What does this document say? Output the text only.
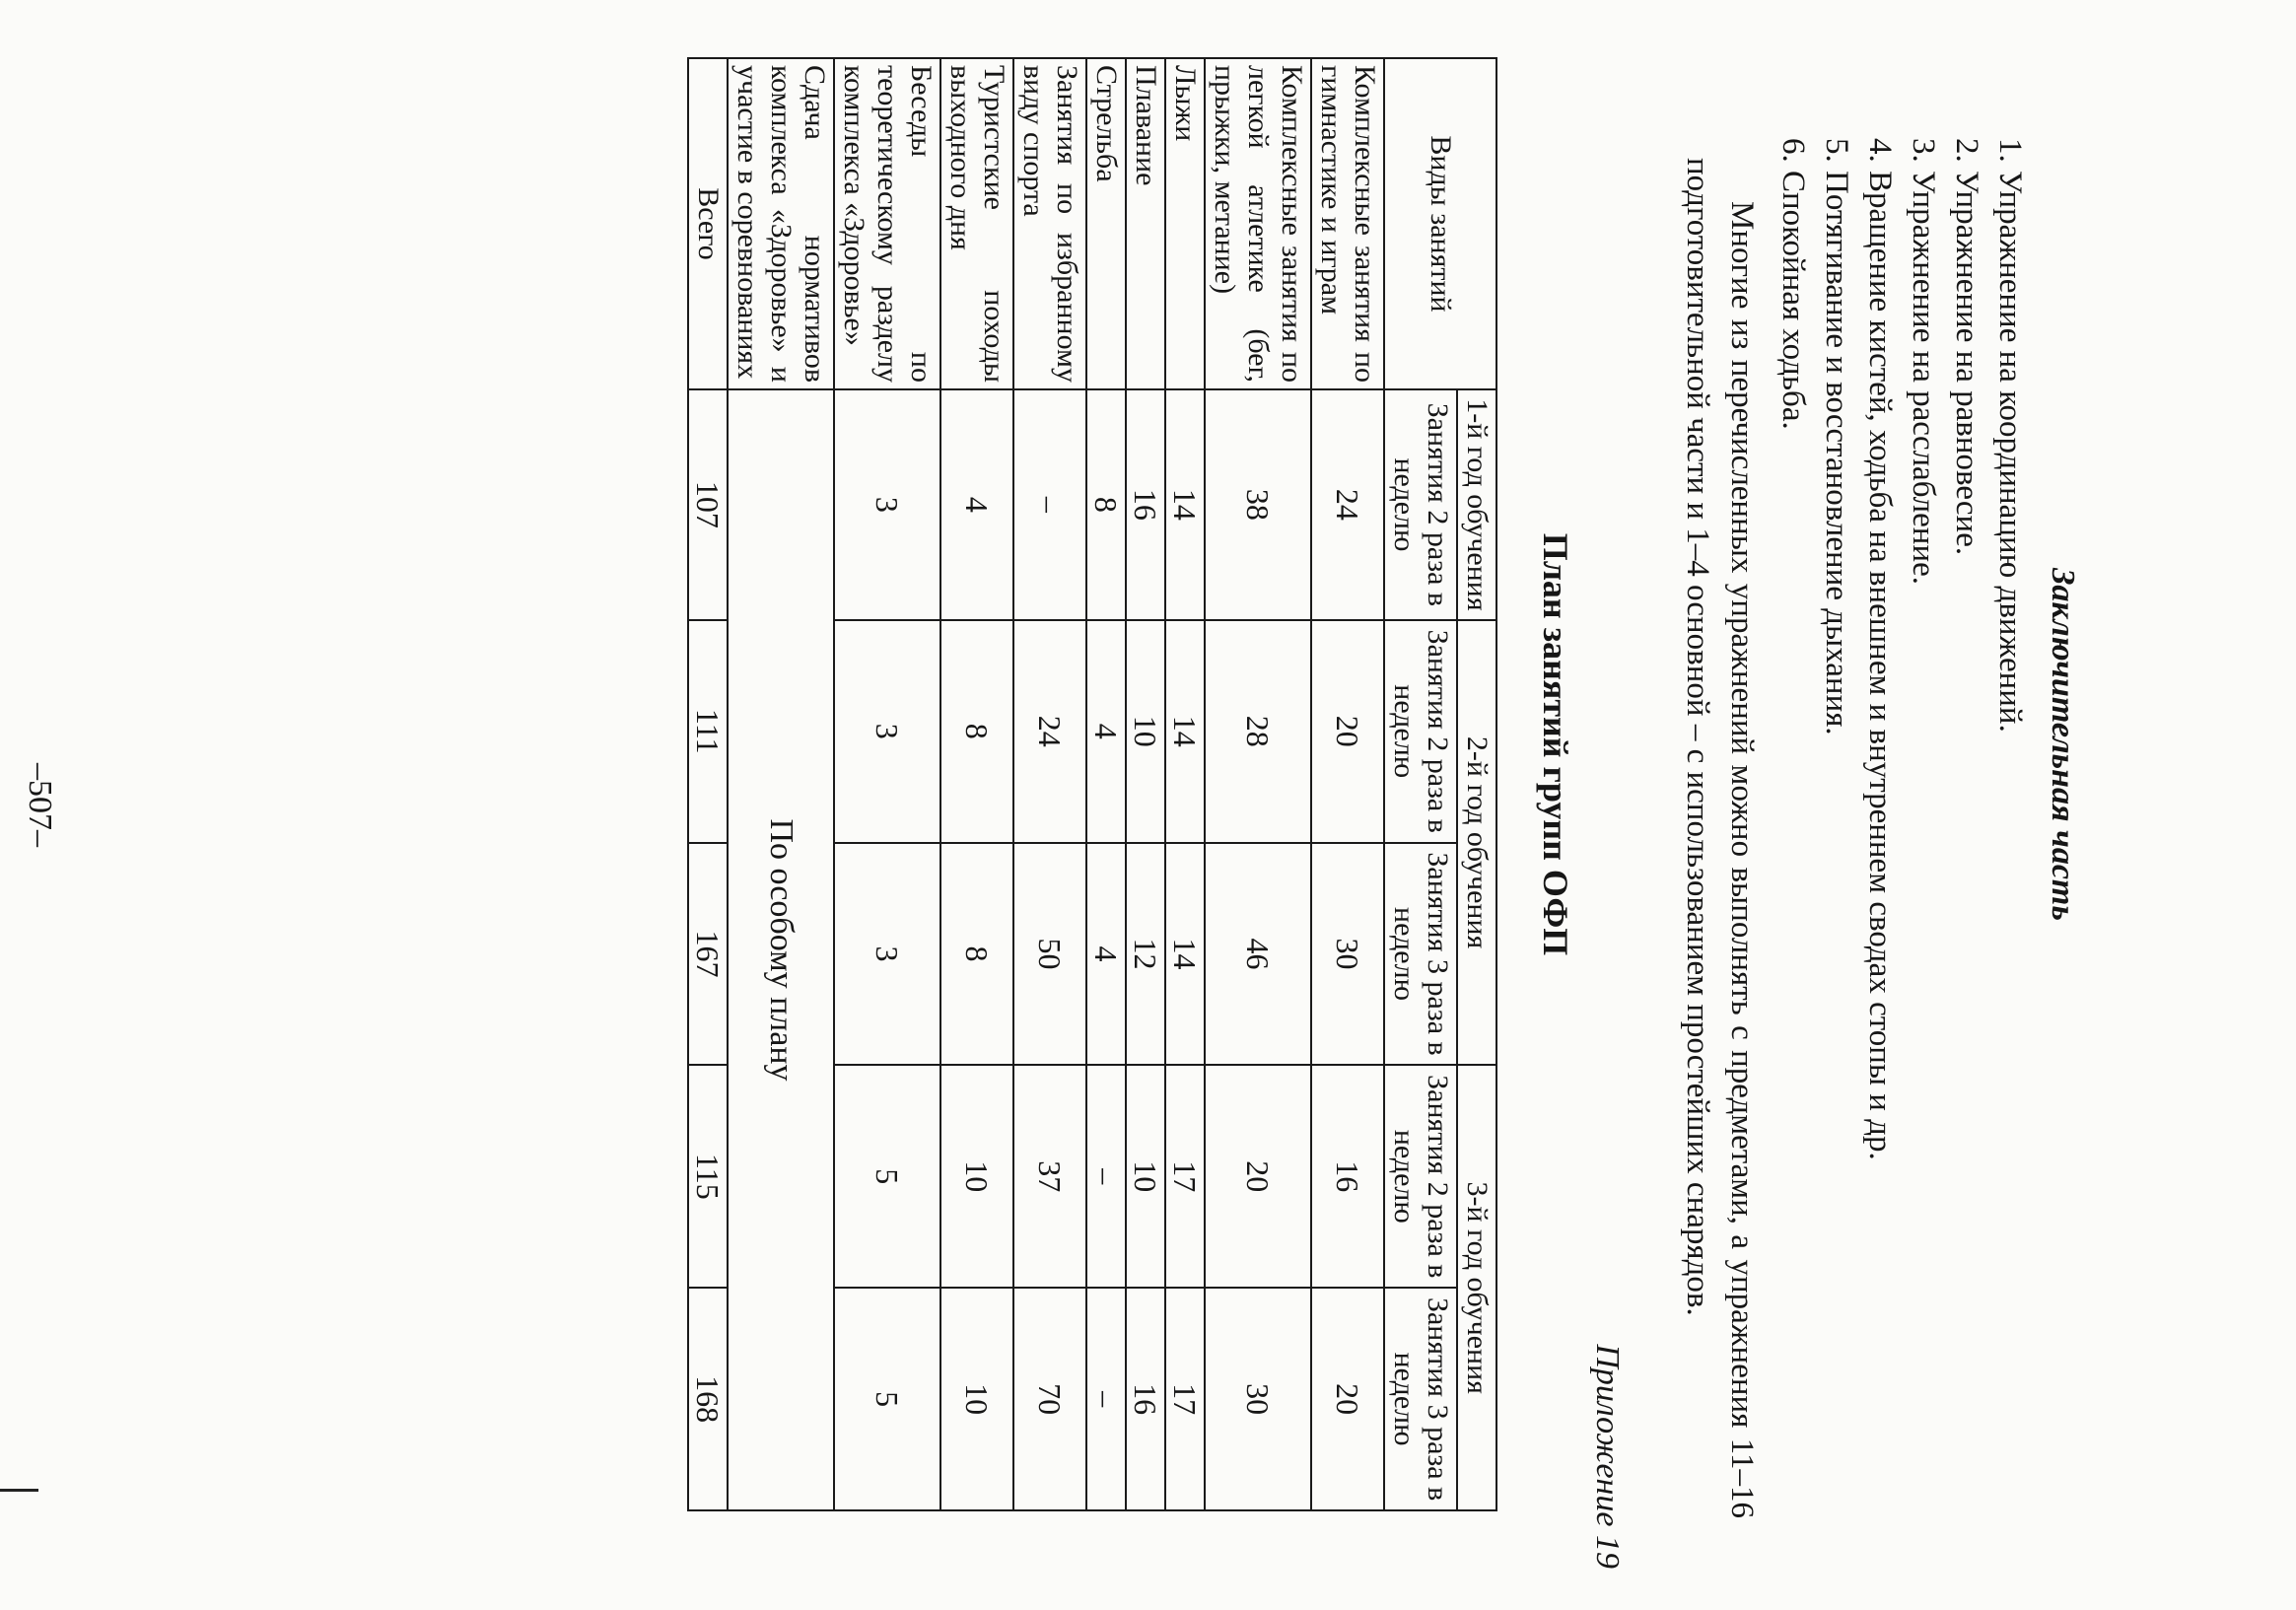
Заключительная часть
1. Упражнение на координацию движений.
2. Упражнение на равновесие.
3. Упражнение на расслабление.
4. Вращение кистей, ходьба на внешнем и внутреннем сводах стопы и др.
5. Потягивание и восстановление дыхания.
6. Спокойная ходьба.

Многие из перечисленных упражнений можно выполнять с предметами, а упражнения 11–16 подготовительной части и 1–4 основной – с использованием простейших снарядов.

Приложение 19
План занятий групп ОФП
Виды занятий	1-й год обучения	2-й год обучения		3-й год обучения	
	Занятия 2 раза в неделю	Занятия 2 раза в неделю	Занятия 3 раза в неделю	Занятия 2 раза в неделю	Занятия 3 раза в неделю
Комплексные занятия по гимнастике и играм	24	20	30	16	20
Комплексные занятия по легкой атлетике (бег, прыжки, метание)	38	28	46	20	30
Лыжи	14	14	14	17	17
Плавание	16	10	12	10	16
Стрельба	8	4	4	–	–
Занятия по избранному виду спорта	–	24	50	37	70
Туристские походы выходного дня	4	8	8	10	10
Беседы по теоретическому разделу комплекса «Здоровье»	3	3	3	5	5
Сдача нормативов комплекса «Здоровье» и участие в соревнованиях	По особому плану				
Всего	107	111	167	115	168
–507–
